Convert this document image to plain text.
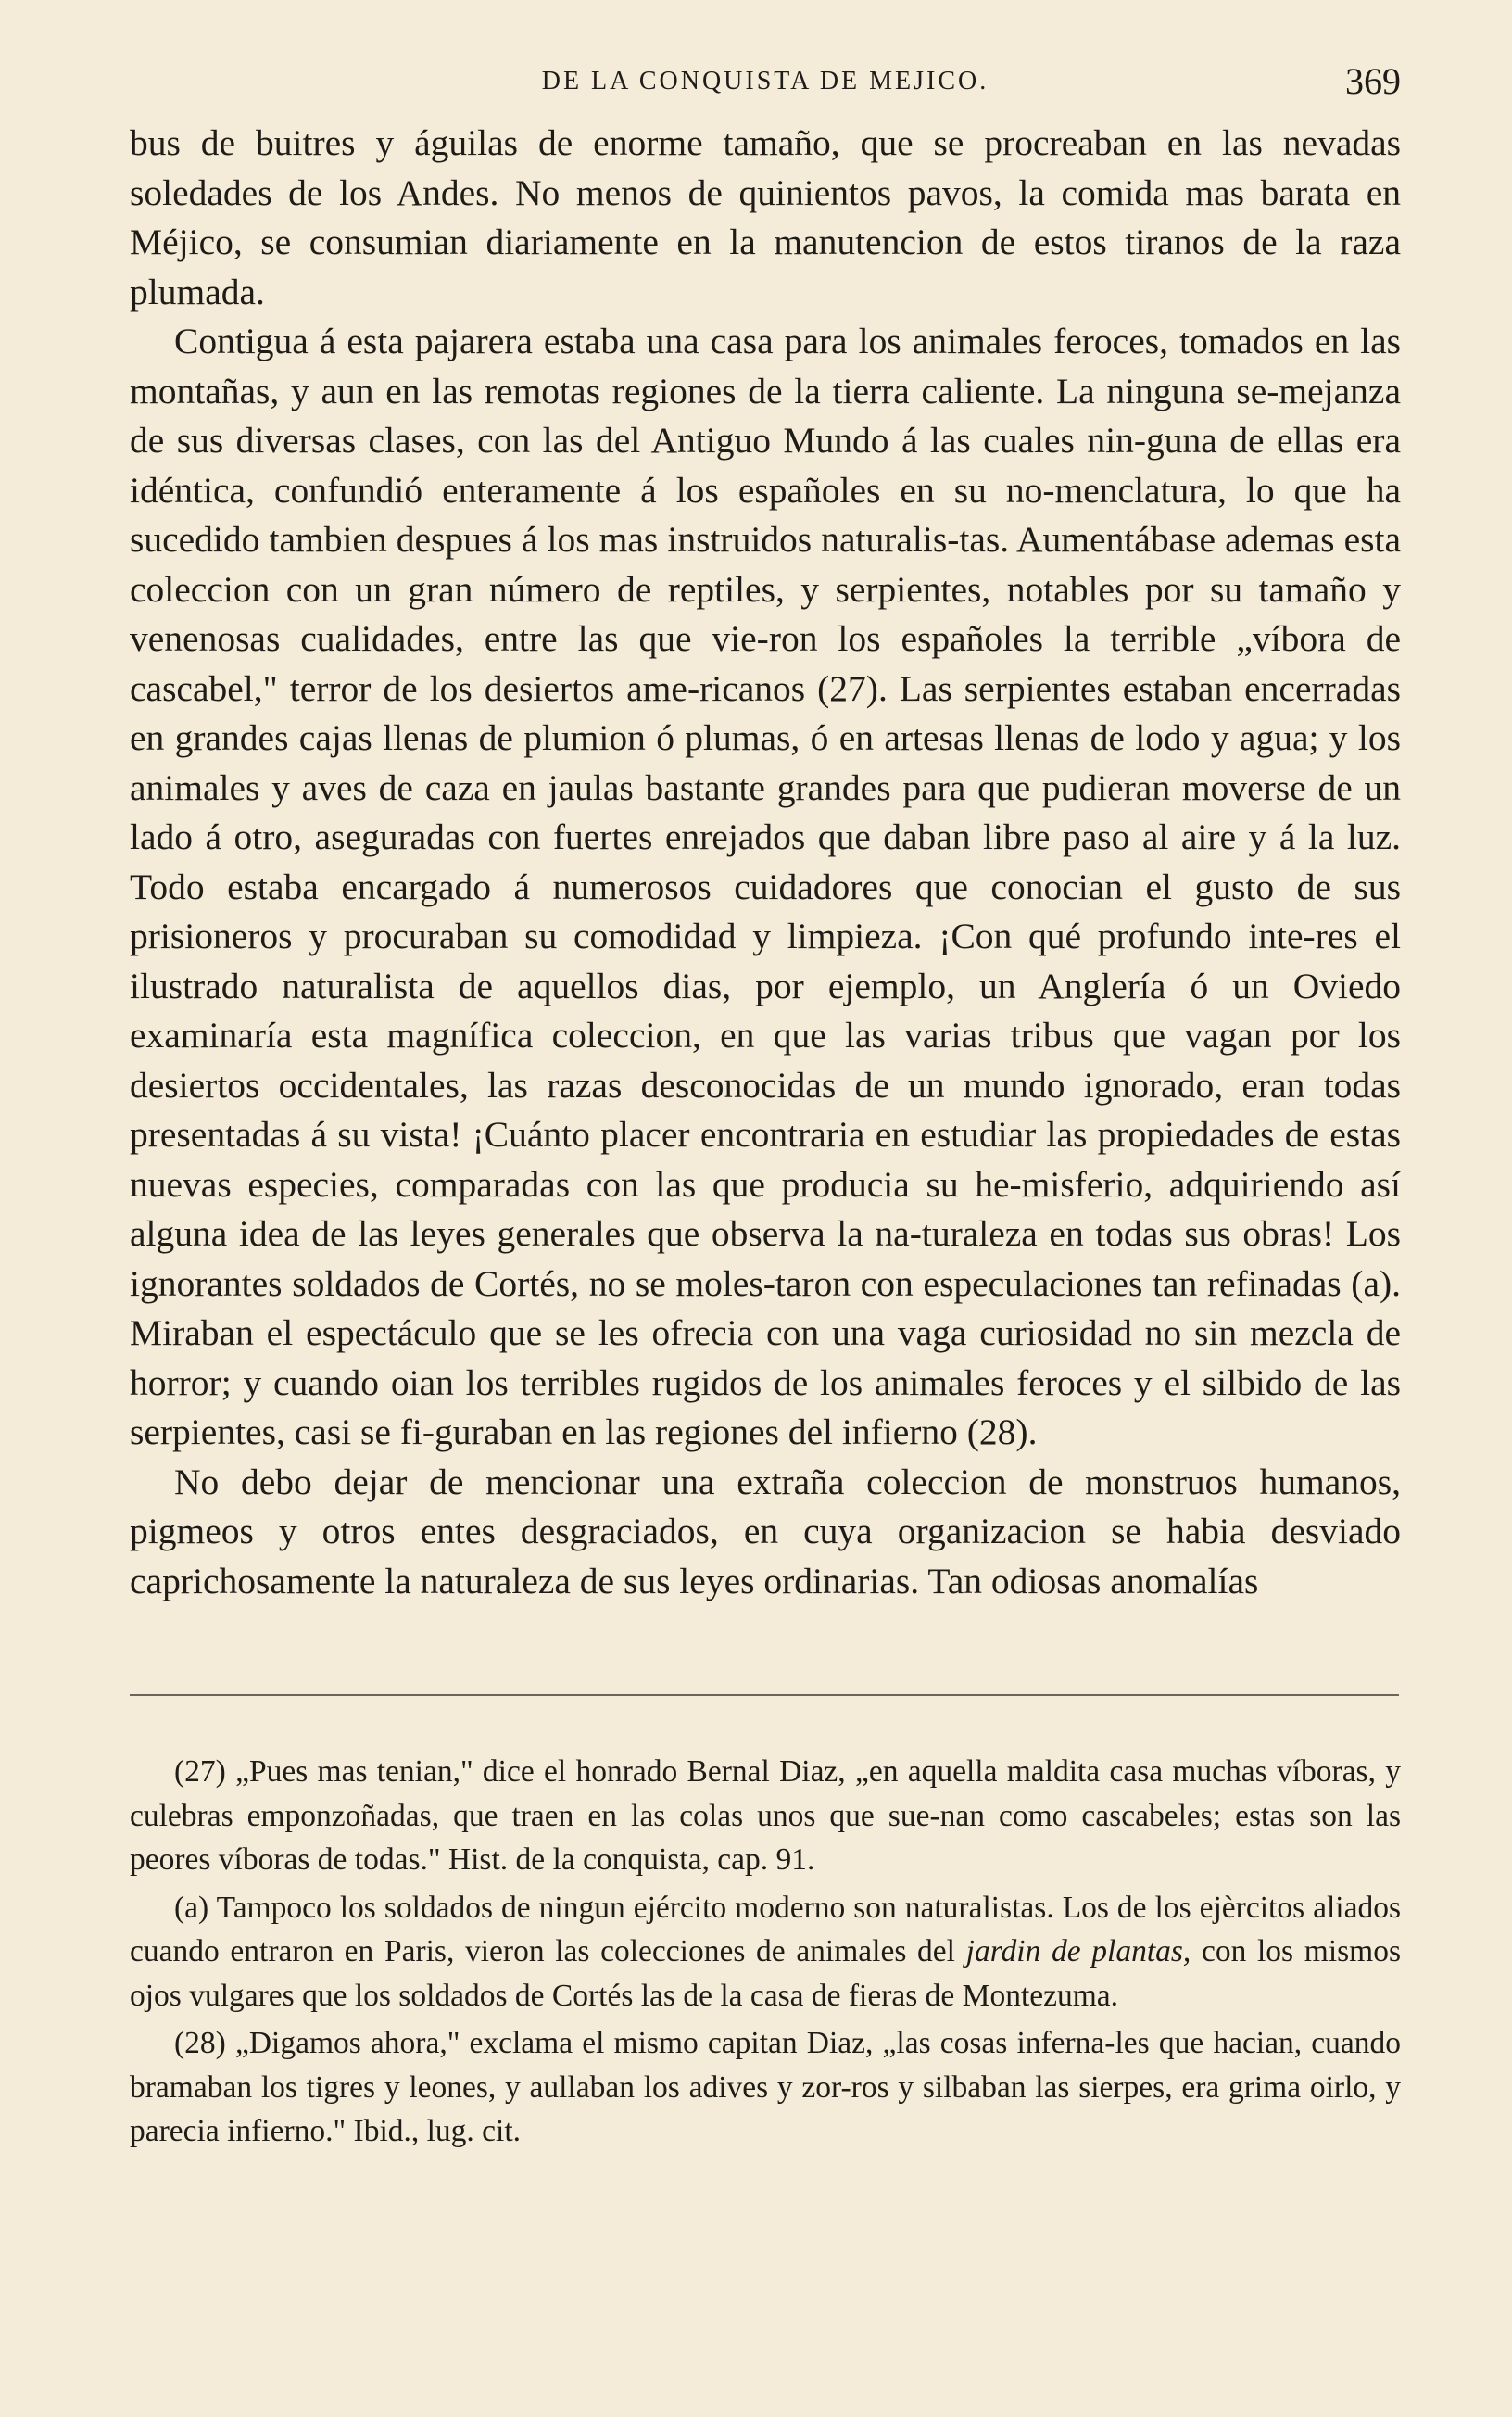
DE LA CONQUISTA DE MEJICO.	369

bus de buitres y águilas de enorme tamaño, que se procreaban en las nevadas soledades de los Andes. No menos de quinientos pavos, la comida mas barata en Méjico, se consumian diariamente en la manutencion de estos tiranos de la raza plumada.

Contigua á esta pajarera estaba una casa para los animales feroces, tomados en las montañas, y aun en las remotas regiones de la tierra caliente. La ninguna se-mejanza de sus diversas clases, con las del Antiguo Mundo á las cuales nin-guna de ellas era idéntica, confundió enteramente á los españoles en su no-menclatura, lo que ha sucedido tambien despues á los mas instruidos naturalis-tas. Aumentábase ademas esta coleccion con un gran número de reptiles, y serpientes, notables por su tamaño y venenosas cualidades, entre las que vie-ron los españoles la terrible „víbora de cascabel," terror de los desiertos ame-ricanos (27). Las serpientes estaban encerradas en grandes cajas llenas de plumion ó plumas, ó en artesas llenas de lodo y agua; y los animales y aves de caza en jaulas bastante grandes para que pudieran moverse de un lado á otro, aseguradas con fuertes enrejados que daban libre paso al aire y á la luz. Todo estaba encargado á numerosos cuidadores que conocian el gusto de sus prisioneros y procuraban su comodidad y limpieza. ¡Con qué profundo inte-res el ilustrado naturalista de aquellos dias, por ejemplo, un Anglería ó un Oviedo examinaría esta magnífica coleccion, en que las varias tribus que vagan por los desiertos occidentales, las razas desconocidas de un mundo ignorado, eran todas presentadas á su vista! ¡Cuánto placer encontraria en estudiar las propiedades de estas nuevas especies, comparadas con las que producia su he-misferio, adquiriendo así alguna idea de las leyes generales que observa la na-turaleza en todas sus obras! Los ignorantes soldados de Cortés, no se moles-taron con especulaciones tan refinadas (a). Miraban el espectáculo que se les ofrecia con una vaga curiosidad no sin mezcla de horror; y cuando oian los terribles rugidos de los animales feroces y el silbido de las serpientes, casi se fi-guraban en las regiones del infierno (28).

No debo dejar de mencionar una extraña coleccion de monstruos humanos, pigmeos y otros entes desgraciados, en cuya organizacion se habia desviado caprichosamente la naturaleza de sus leyes ordinarias. Tan odiosas anomalías

(27) „Pues mas tenian," dice el honrado Bernal Diaz, „en aquella maldita casa muchas víboras, y culebras emponzoñadas, que traen en las colas unos que sue-nan como cascabeles; estas son las peores víboras de todas." Hist. de la conquista, cap. 91.

(a) Tampoco los soldados de ningun ejército moderno son naturalistas. Los de los ejèrcitos aliados cuando entraron en Paris, vieron las colecciones de animales del jardin de plantas, con los mismos ojos vulgares que los soldados de Cortés las de la casa de fieras de Montezuma.

(28) „Digamos ahora," exclama el mismo capitan Diaz, „las cosas inferna-les que hacian, cuando bramaban los tigres y leones, y aullaban los adives y zor-ros y silbaban las sierpes, era grima oirlo, y parecia infierno." Ibid., lug. cit.
